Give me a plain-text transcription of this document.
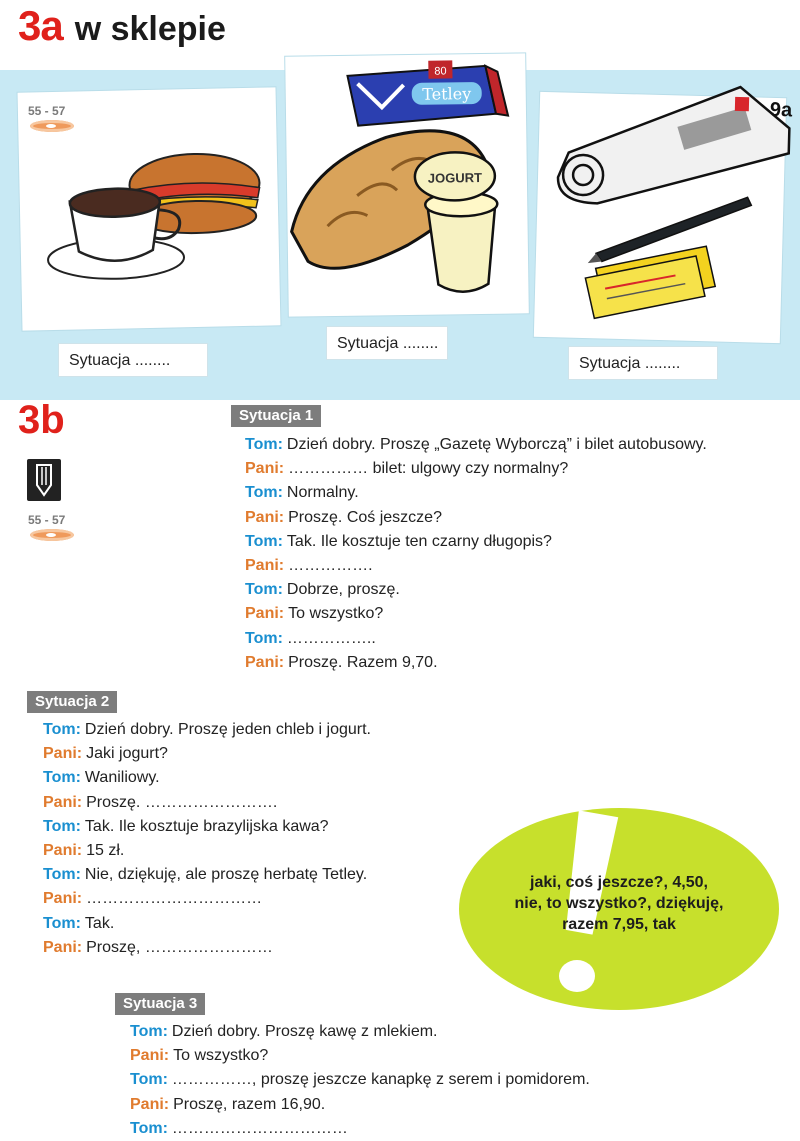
3a w sklepie
Tetley
80
JOGURT
9a
55 - 57
Sytuacja ........
Sytuacja ........
Sytuacja ........
3b
55 - 57
Sytuacja 1
Tom: Dzień dobry. Proszę „Gazetę Wyborczą” i bilet autobusowy.
Pani: …………… bilet: ulgowy czy normalny?
Tom: Normalny.
Pani: Proszę. Coś jeszcze?
Tom: Tak. Ile kosztuje ten czarny długopis?
Pani: …………….
Tom: Dobrze, proszę.
Pani: To wszystko?
Tom: ……………..
Pani: Proszę. Razem 9,70.
Sytuacja 2
Tom: Dzień dobry. Proszę jeden chleb i jogurt.
Pani: Jaki jogurt?
Tom: Waniliowy.
Pani: Proszę. …………………….
Tom: Tak. Ile kosztuje brazylijska kawa?
Pani: 15 zł.
Tom: Nie, dziękuję, ale proszę herbatę Tetley.
Pani: ……………………………
Tom: Tak.
Pani: Proszę, ……………………
jaki, coś jeszcze?, 4,50,
nie, to wszystko?, dziękuję,
razem 7,95, tak
Sytuacja 3
Tom: Dzień dobry. Proszę kawę z mlekiem.
Pani: To wszystko?
Tom: ……………, proszę jeszcze kanapkę z serem i pomidorem.
Pani: Proszę, razem 16,90.
Tom: ……………………………
